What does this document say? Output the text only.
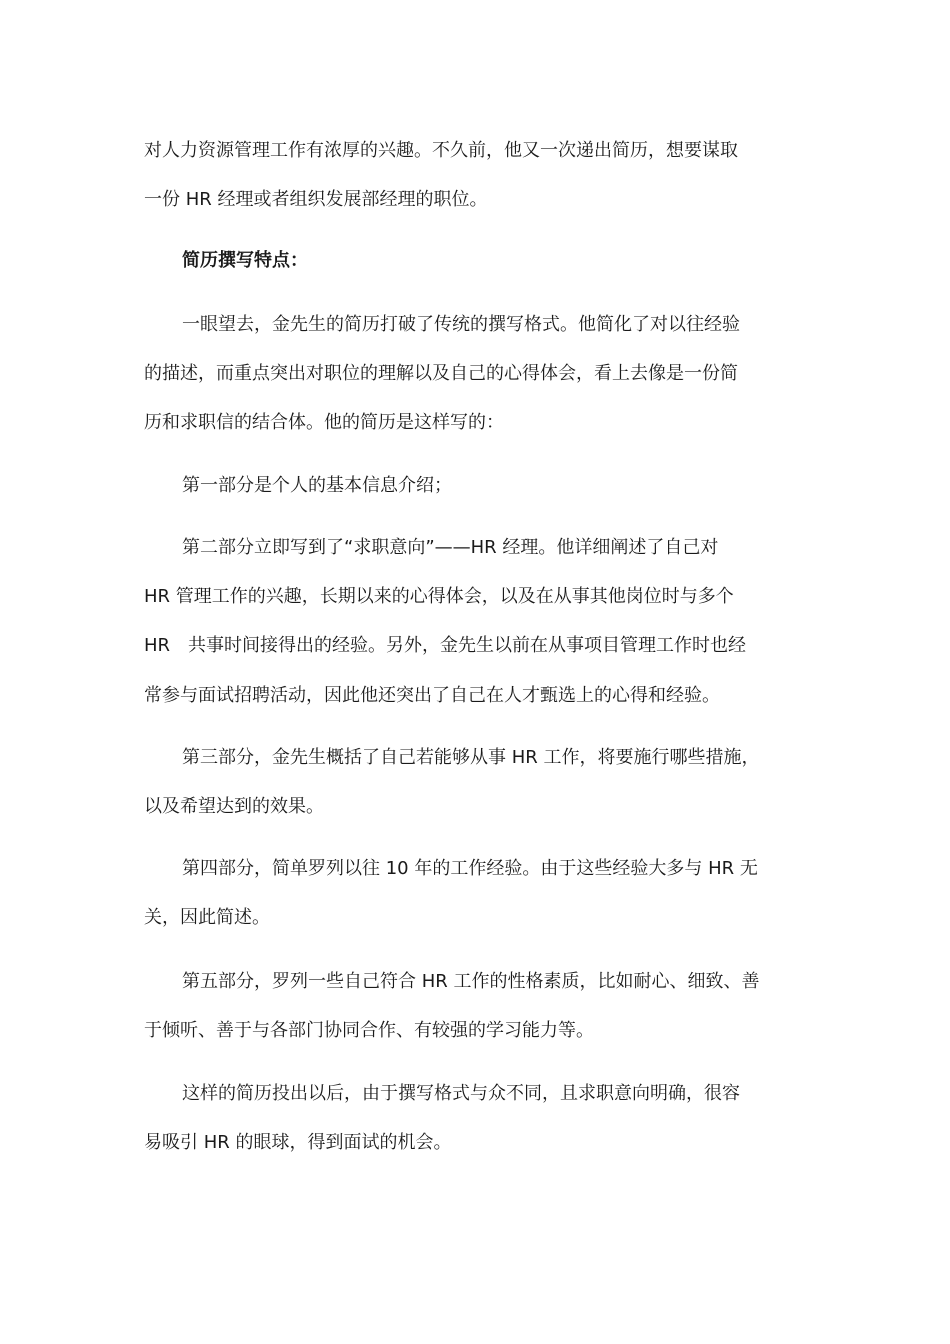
对人力资源管理工作有浓厚的兴趣。不久前，他又一次递出简历，想要谋取
一份 HR 经理或者组织发展部经理的职位。
简历撰写特点：
一眼望去，金先生的简历打破了传统的撰写格式。他简化了对以往经验
的描述，而重点突出对职位的理解以及自己的心得体会，看上去像是一份简
历和求职信的结合体。他的简历是这样写的：
第一部分是个人的基本信息介绍；
第二部分立即写到了“求职意向”——HR 经理。他详细阐述了自己对
HR 管理工作的兴趣，长期以来的心得体会，以及在从事其他岗位时与多个
HR　共事时间接得出的经验。另外，金先生以前在从事项目管理工作时也经
常参与面试招聘活动，因此他还突出了自己在人才甄选上的心得和经验。
第三部分，金先生概括了自己若能够从事 HR 工作，将要施行哪些措施，
以及希望达到的效果。
第四部分，简单罗列以往 10 年的工作经验。由于这些经验大多与 HR 无
关，因此简述。
第五部分，罗列一些自己符合 HR 工作的性格素质，比如耐心、细致、善
于倾听、善于与各部门协同合作、有较强的学习能力等。
这样的简历投出以后，由于撰写格式与众不同，且求职意向明确，很容
易吸引 HR 的眼球，得到面试的机会。
